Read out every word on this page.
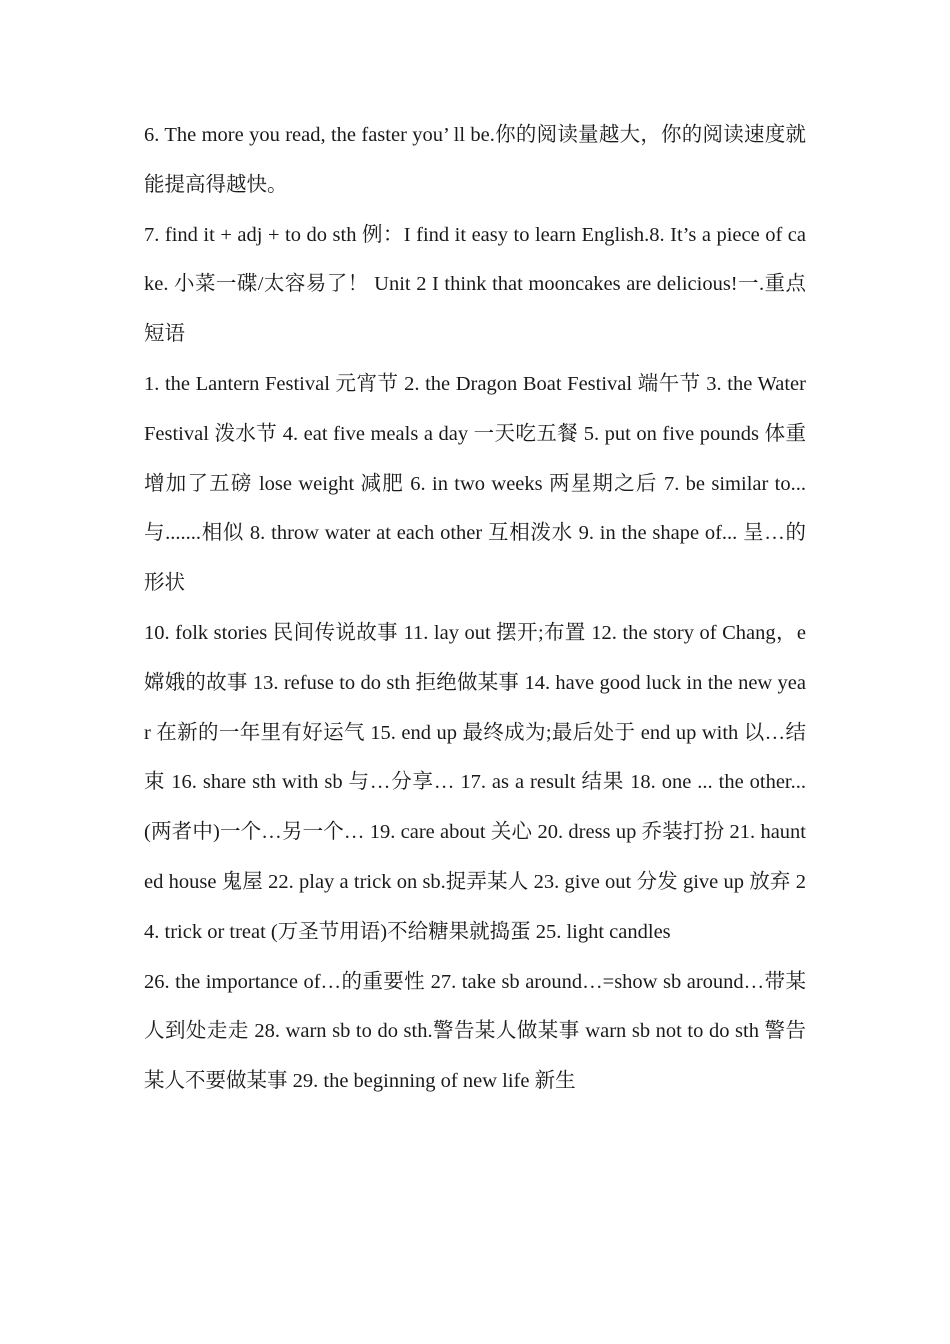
6. The more you read, the faster you’ ll be.你的阅读量越大，你的阅读速度就能提高得越快。

7. find it + adj + to do sth 例：I find it easy to learn English.8. It’s a piece of cake. 小菜一碟/太容易了！ Unit 2 I think that mooncakes are delicious!一.重点短语

1. the Lantern Festival 元宵节 2. the Dragon Boat Festival 端午节 3. the Water Festival 泼水节 4. eat five meals a day 一天吃五餐 5. put on five pounds 体重增加了五磅 lose weight 减肥 6. in two weeks 两星期之后 7. be similar to... 与.......相似 8. throw water at each other 互相泼水 9. in the shape of... 呈…的形状

10. folk stories 民间传说故事 11. lay out 摆开;布置 12. the story of Chang，e 嫦娥的故事 13. refuse to do sth 拒绝做某事 14. have good luck in the new year 在新的一年里有好运气 15. end up 最终成为;最后处于 end up with 以…结束 16. share sth with sb 与…分享… 17. as a result 结果 18. one ... the other... (两者中)一个…另一个… 19. care about 关心 20. dress up 乔装打扮 21. haunted house 鬼屋 22. play a trick on sb.捉弄某人 23. give out 分发 give up 放弃 24. trick or treat (万圣节用语)不给糖果就捣蛋 25. light candles

26. the importance of…的重要性 27. take sb around…=show sb around…带某人到处走走 28. warn sb to do sth.警告某人做某事 warn sb not to do sth 警告某人不要做某事 29. the beginning of new life 新生
